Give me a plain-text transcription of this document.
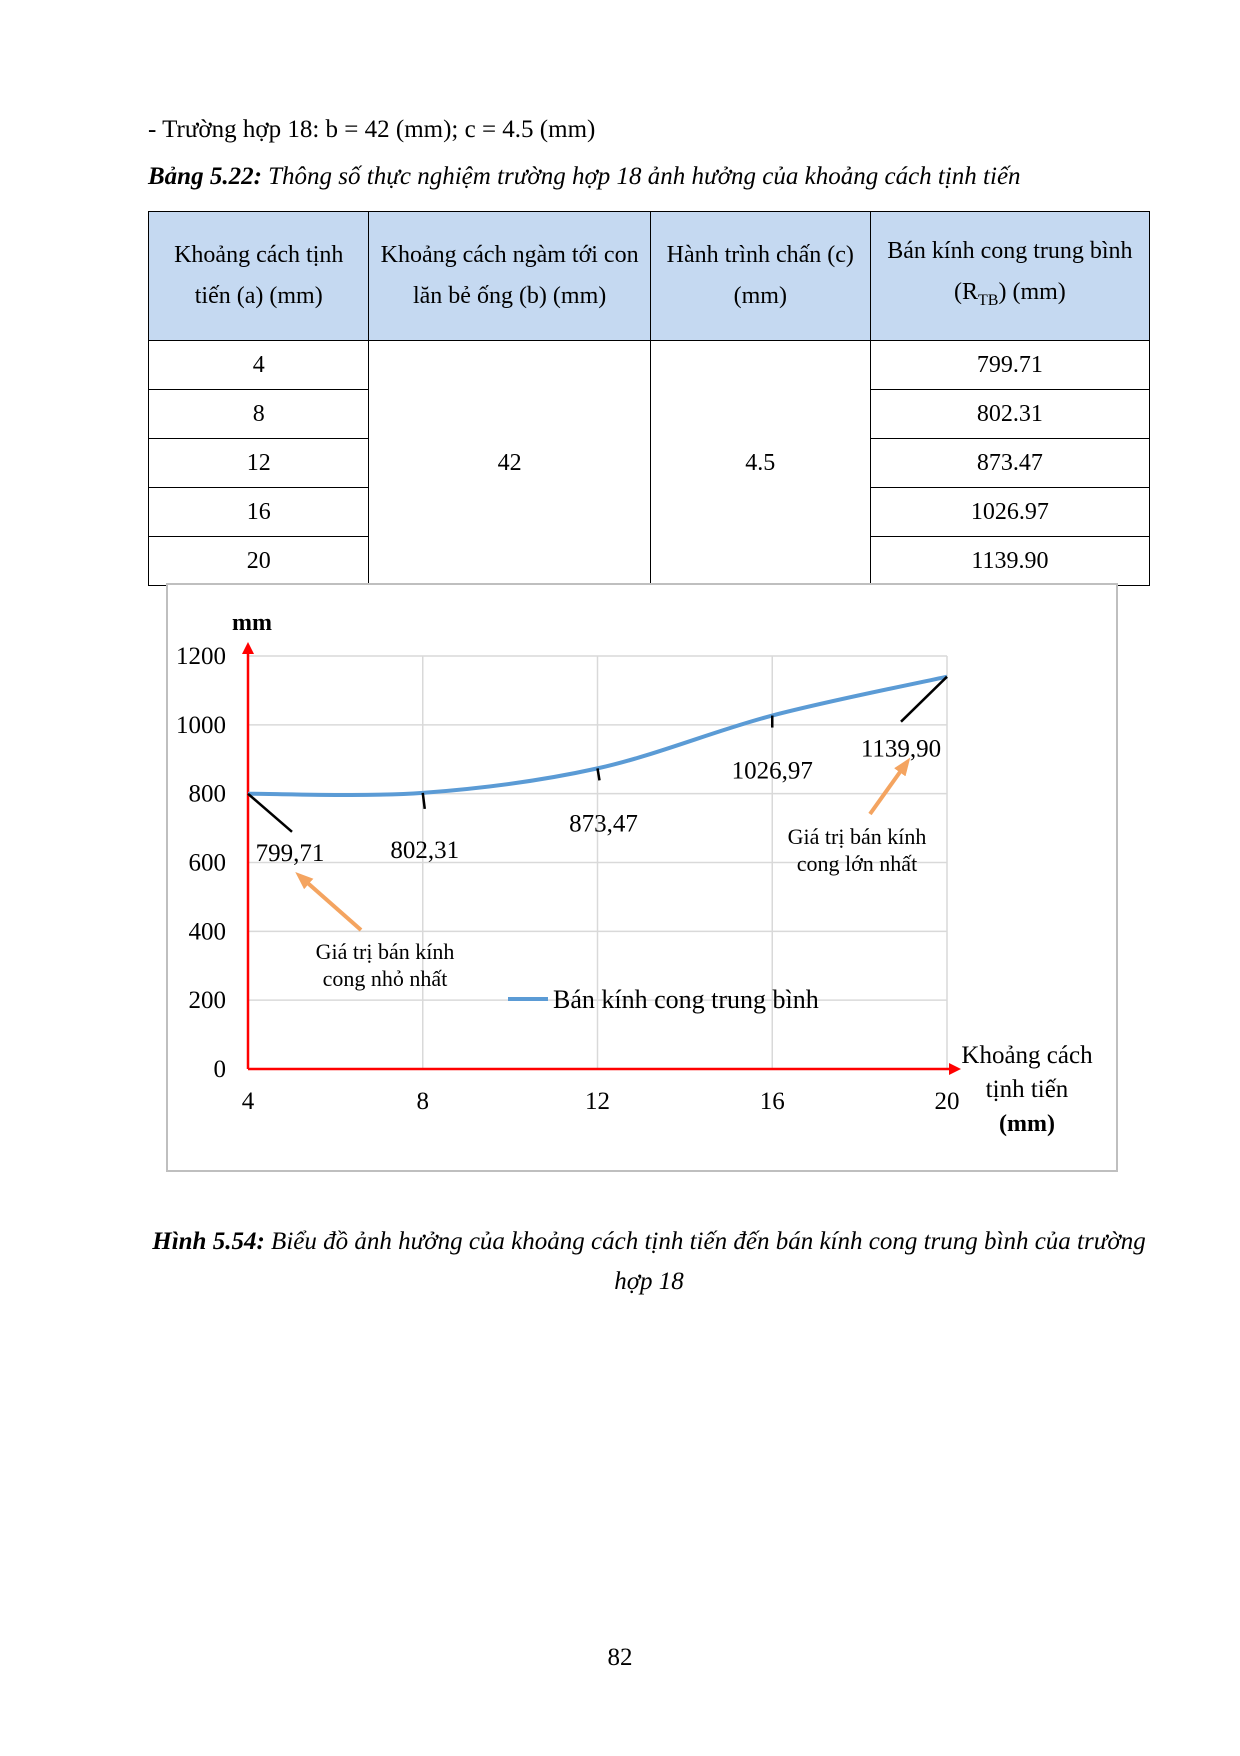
- Trường hợp 18: b = 42 (mm); c = 4.5 (mm)
Bảng 5.22: Thông số thực nghiệm trường hợp 18 ảnh hưởng của khoảng cách tịnh tiến
Khoảng cách tịnh tiến (a) (mm)	Khoảng cách ngàm tới con lăn bẻ ống (b) (mm)	Hành trình chấn (c) (mm)	Bán kính cong trung bình $(R_{TB})$ (mm)
4	42	4.5	799.71
8			802.31
12			873.47
16			1026.97
20			1139.90
0
200
400
600
800
1000
1200
4	8	12	16	20
mm
Khoảng cách
tịnh tiến
(mm)
799,71	802,31
873,47
1026,97
1139,90
Giá trị bán kính
cong nhỏ nhất
Giá trị bán kính
cong lớn nhất
Bán kính cong trung bình
Hình 5.54: Biểu đồ ảnh hưởng của khoảng cách tịnh tiến đến bán kính cong trung bình của trường hợp 18
82
